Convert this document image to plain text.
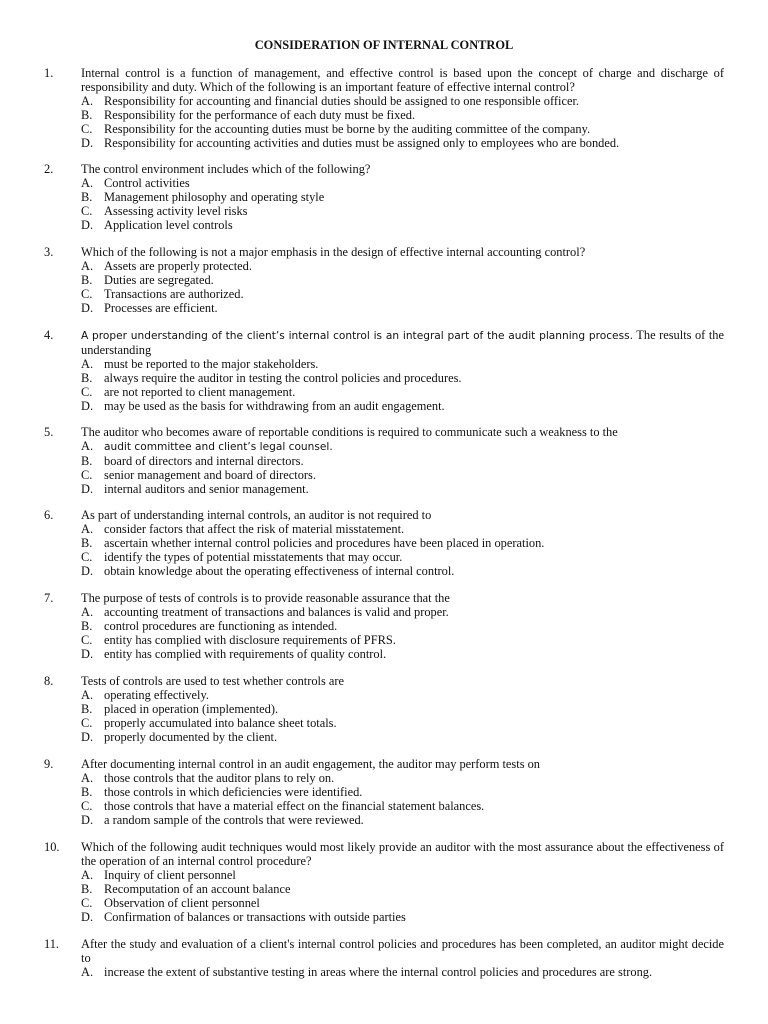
CONSIDERATION OF INTERNAL CONTROL
1.	Internal control is a function of management, and effective control is based upon the concept of charge and discharge of responsibility and duty. Which of the following is an important feature of effective internal control?
A. Responsibility for accounting and financial duties should be assigned to one responsible officer.
B. Responsibility for the performance of each duty must be fixed.
C. Responsibility for the accounting duties must be borne by the auditing committee of the company.
D. Responsibility for accounting activities and duties must be assigned only to employees who are bonded.
2.	The control environment includes which of the following?
A. Control activities
B. Management philosophy and operating style
C. Assessing activity level risks
D. Application level controls
3.	Which of the following is not a major emphasis in the design of effective internal accounting control?
A. Assets are properly protected.
B. Duties are segregated.
C. Transactions are authorized.
D. Processes are efficient.
4.	A proper understanding of the client’s internal control is an integral part of the audit planning process. The results of the understanding
A. must be reported to the major stakeholders.
B. always require the auditor in testing the control policies and procedures.
C. are not reported to client management.
D. may be used as the basis for withdrawing from an audit engagement.
5.	The auditor who becomes aware of reportable conditions is required to communicate such a weakness to the
A. audit committee and client’s legal counsel.
B. board of directors and internal directors.
C. senior management and board of directors.
D. internal auditors and senior management.
6.	As part of understanding internal controls, an auditor is not required to
A. consider factors that affect the risk of material misstatement.
B. ascertain whether internal control policies and procedures have been placed in operation.
C. identify the types of potential misstatements that may occur.
D. obtain knowledge about the operating effectiveness of internal control.
7.	The purpose of tests of controls is to provide reasonable assurance that the
A. accounting treatment of transactions and balances is valid and proper.
B. control procedures are functioning as intended.
C. entity has complied with disclosure requirements of PFRS.
D. entity has complied with requirements of quality control.
8.	Tests of controls are used to test whether controls are
A. operating effectively.
B. placed in operation (implemented).
C. properly accumulated into balance sheet totals.
D. properly documented by the client.
9.	After documenting internal control in an audit engagement, the auditor may perform tests on
A. those controls that the auditor plans to rely on.
B. those controls in which deficiencies were identified.
C. those controls that have a material effect on the financial statement balances.
D. a random sample of the controls that were reviewed.
10.	Which of the following audit techniques would most likely provide an auditor with the most assurance about the effectiveness of the operation of an internal control procedure?
A. Inquiry of client personnel
B. Recomputation of an account balance
C. Observation of client personnel
D. Confirmation of balances or transactions with outside parties
11.	After the study and evaluation of a client's internal control policies and procedures has been completed, an auditor might decide to
A. increase the extent of substantive testing in areas where the internal control policies and procedures are strong.
